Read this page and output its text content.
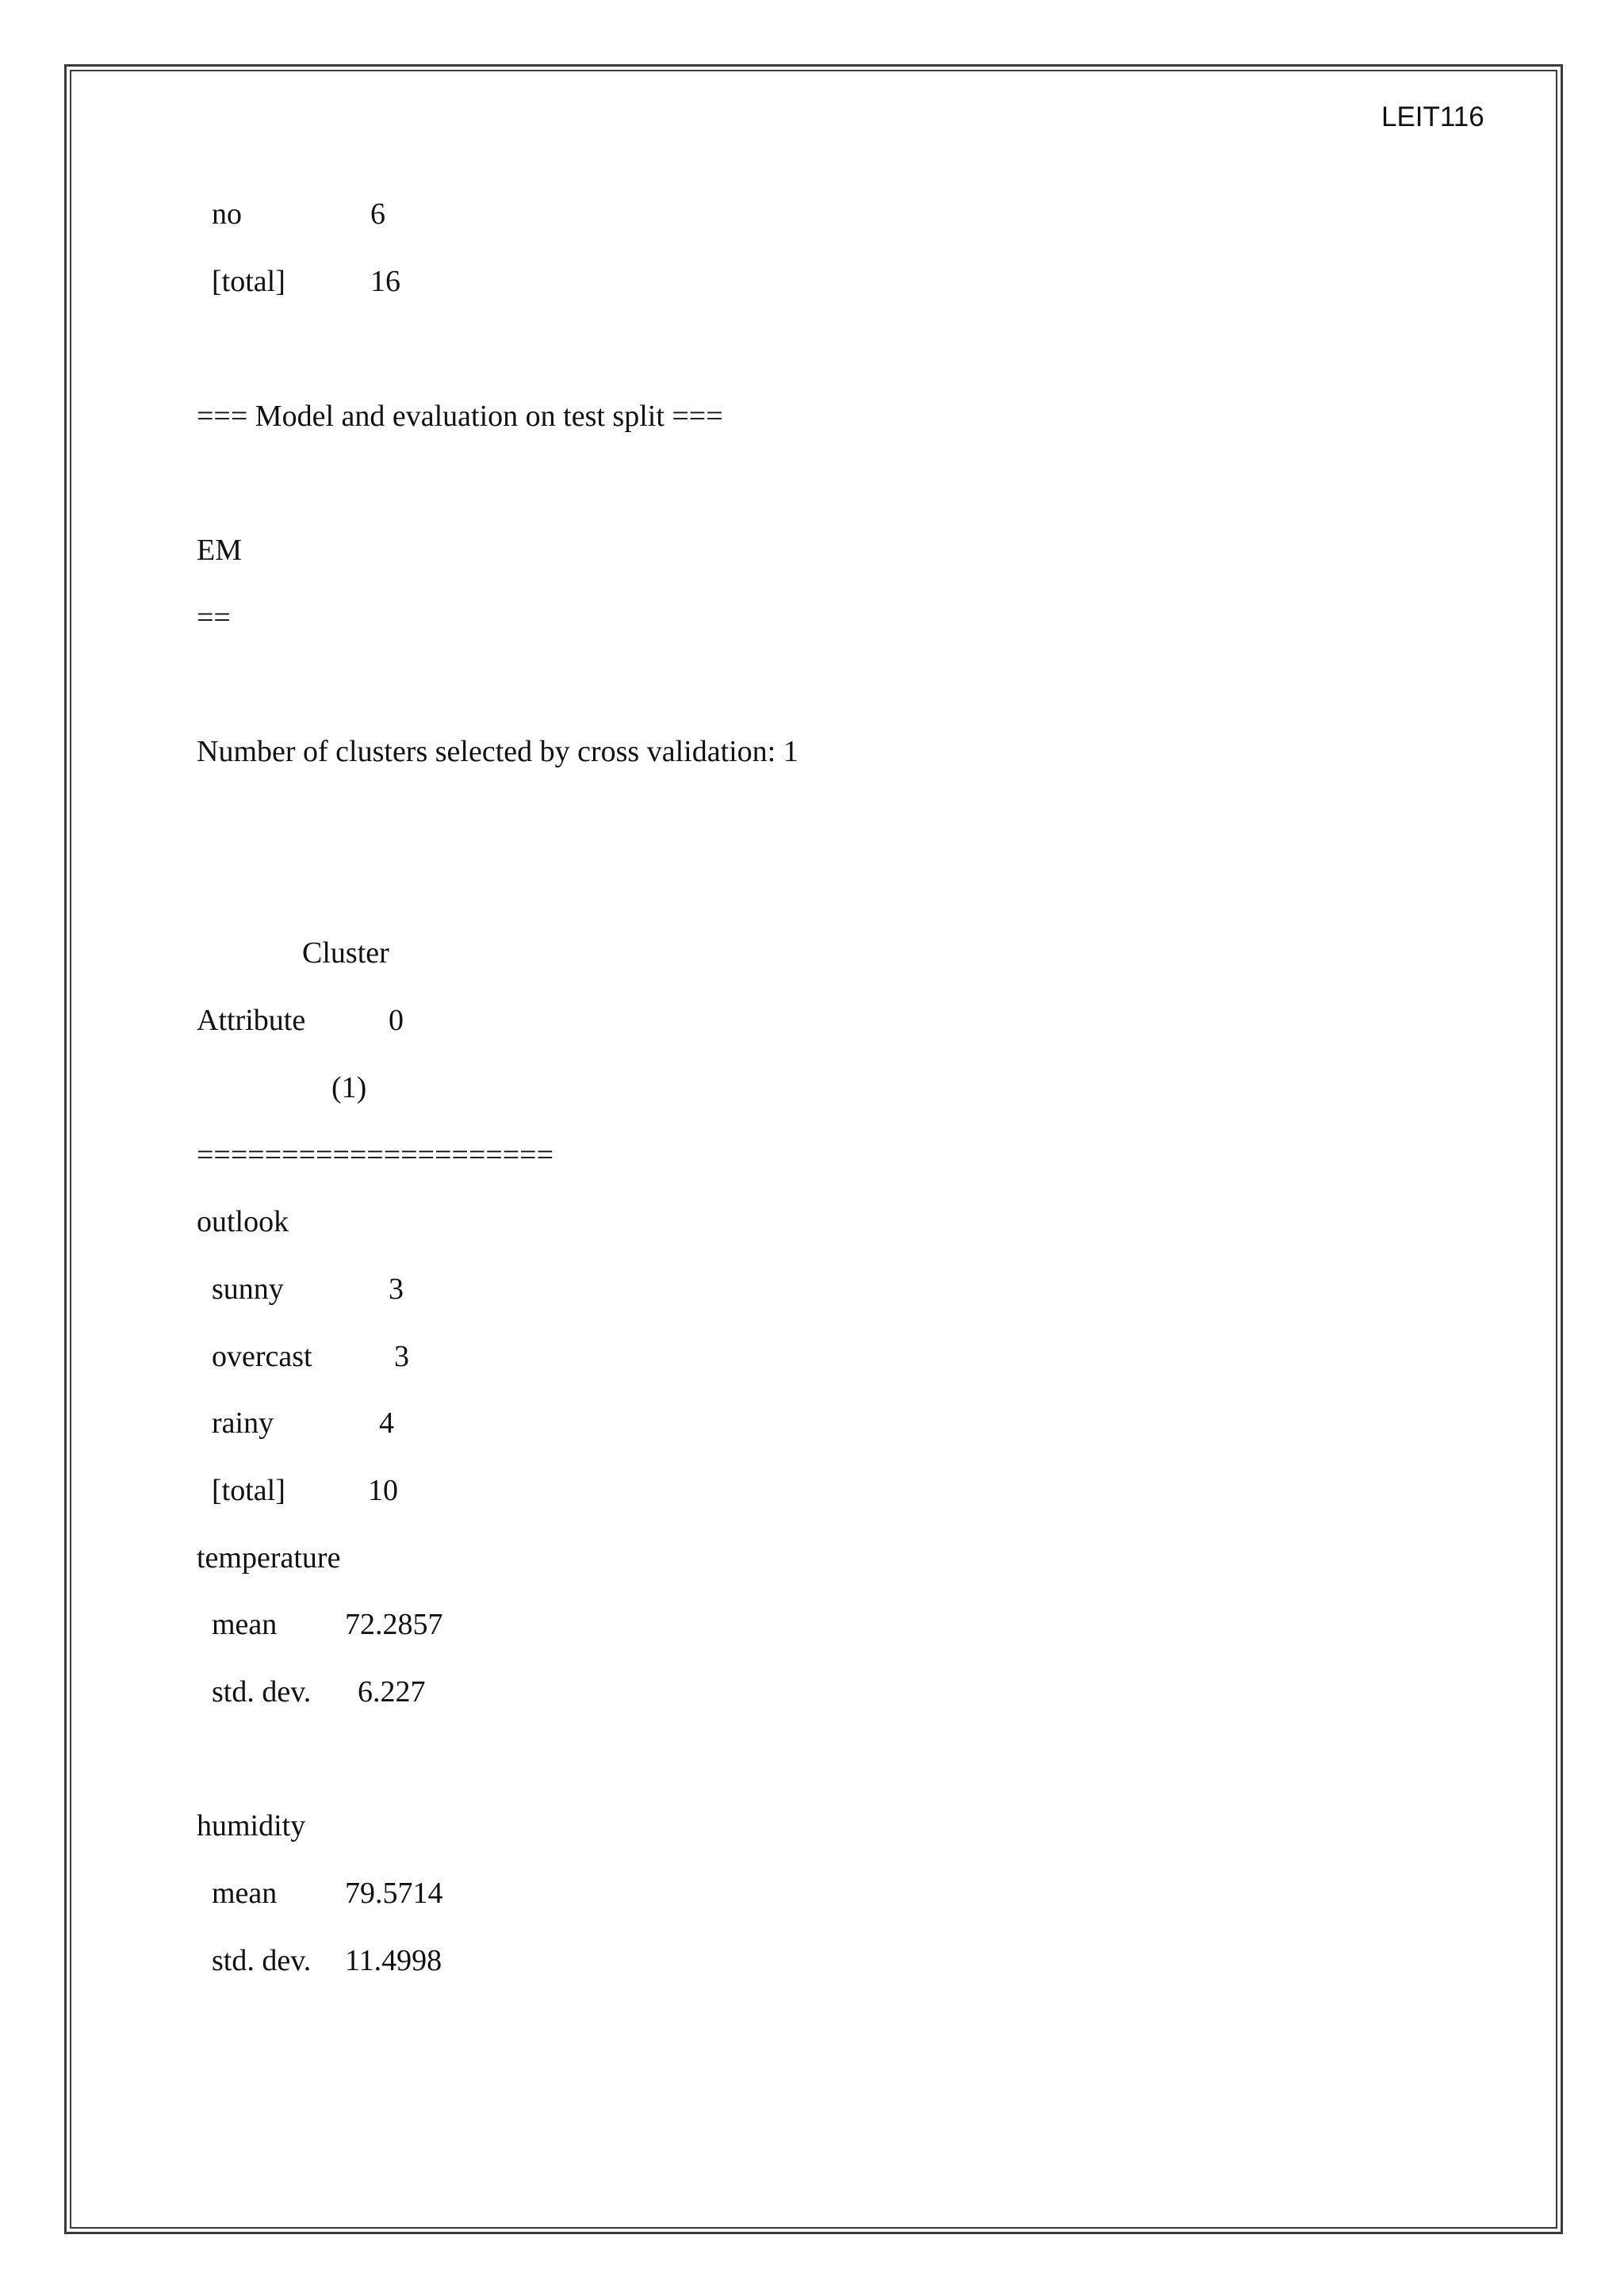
LEIT116
no	6
[total]	16
=== Model and evaluation on test split ===
EM
==
Number of clusters selected by cross validation: 1
Cluster
Attribute	0
(1)
=====================
outlook
sunny	3
overcast	3
rainy	4
[total]	10
temperature
mean 72.2857
std. dev. 6.227
humidity
mean 79.5714
std. dev. 11.4998
